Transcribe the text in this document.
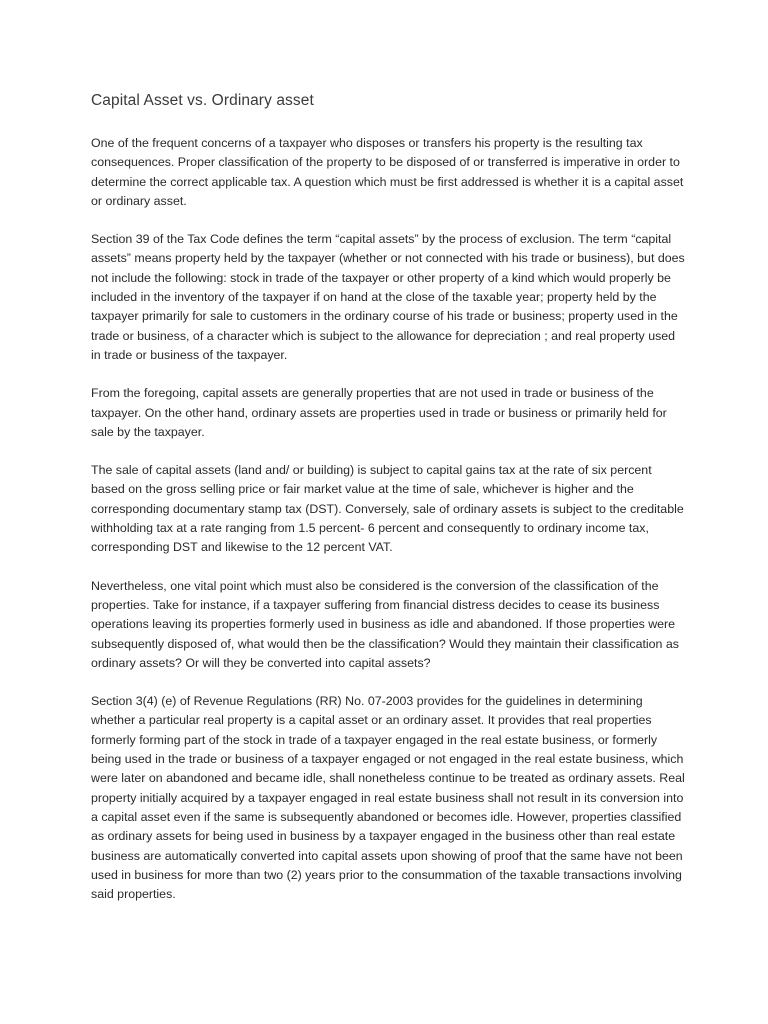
Capital Asset vs. Ordinary asset

One of the frequent concerns of a taxpayer who disposes or transfers his property is the resulting tax consequences. Proper classification of the property to be disposed of or transferred is imperative in order to determine the correct applicable tax. A question which must be first addressed is whether it is a capital asset or ordinary asset.

Section 39 of the Tax Code defines the term “capital assets” by the process of exclusion. The term “capital assets” means property held by the taxpayer (whether or not connected with his trade or business), but does not include the following: stock in trade of the taxpayer or other property of a kind which would properly be included in the inventory of the taxpayer if on hand at the close of the taxable year; property held by the taxpayer primarily for sale to customers in the ordinary course of his trade or business; property used in the trade or business, of a character which is subject to the allowance for depreciation ; and real property used in trade or business of the taxpayer.

From the foregoing, capital assets are generally properties that are not used in trade or business of the taxpayer. On the other hand, ordinary assets are properties used in trade or business or primarily held for sale by the taxpayer.

The sale of capital assets (land and/ or building) is subject to capital gains tax at the rate of six percent based on the gross selling price or fair market value at the time of sale, whichever is higher and the corresponding documentary stamp tax (DST). Conversely, sale of ordinary assets is subject to the creditable withholding tax at a rate ranging from 1.5 percent- 6 percent and consequently to ordinary income tax, corresponding DST and likewise to the 12 percent VAT.

Nevertheless, one vital point which must also be considered is the conversion of the classification of the properties. Take for instance, if a taxpayer suffering from financial distress decides to cease its business operations leaving its properties formerly used in business as idle and abandoned. If those properties were subsequently disposed of, what would then be the classification? Would they maintain their classification as ordinary assets? Or will they be converted into capital assets?

Section 3(4) (e) of Revenue Regulations (RR) No. 07-2003 provides for the guidelines in determining whether a particular real property is a capital asset or an ordinary asset. It provides that real properties formerly forming part of the stock in trade of a taxpayer engaged in the real estate business, or formerly being used in the trade or business of a taxpayer engaged or not engaged in the real estate business, which were later on abandoned and became idle, shall nonetheless continue to be treated as ordinary assets. Real property initially acquired by a taxpayer engaged in real estate business shall not result in its conversion into a capital asset even if the same is subsequently abandoned or becomes idle. However, properties classified as ordinary assets for being used in business by a taxpayer engaged in the business other than real estate business are automatically converted into capital assets upon showing of proof that the same have not been used in business for more than two (2) years prior to the consummation of the taxable transactions involving said properties.
